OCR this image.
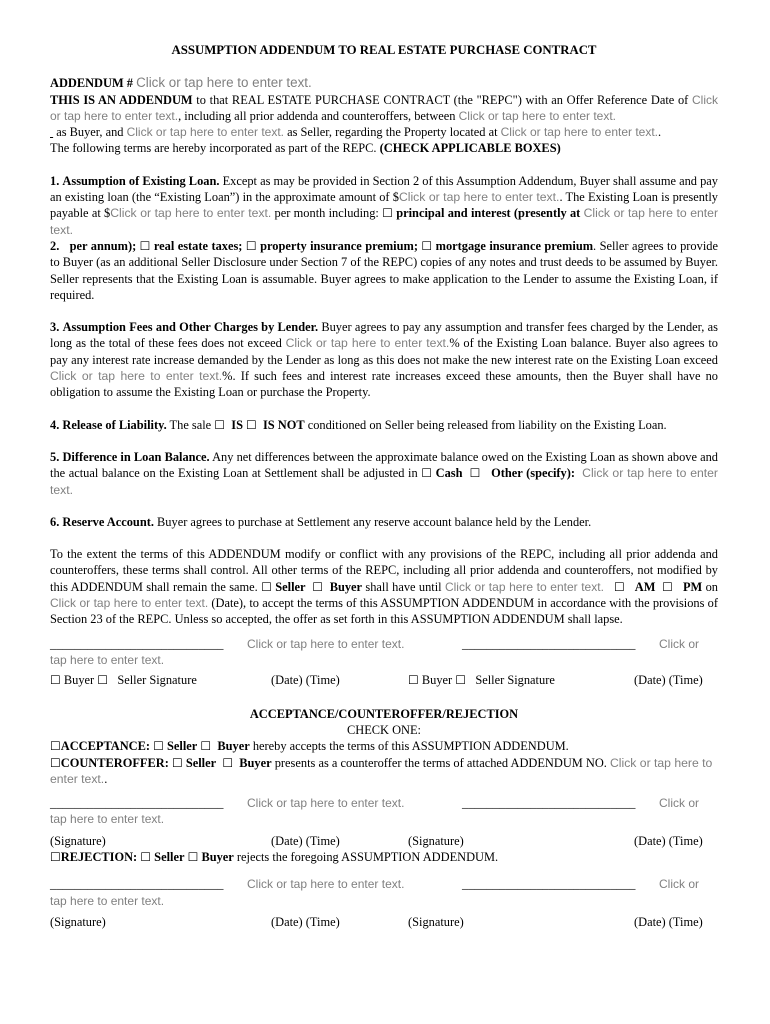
ASSUMPTION ADDENDUM TO REAL ESTATE PURCHASE CONTRACT
ADDENDUM # Click or tap here to enter text.
THIS IS AN ADDENDUM to that REAL ESTATE PURCHASE CONTRACT (the "REPC") with an Offer Reference Date of Click or tap here to enter text., including all prior addenda and counteroffers, between Click or tap here to enter text.
as Buyer, and Click or tap here to enter text. as Seller, regarding the Property located at Click or tap here to enter text..
The following terms are hereby incorporated as part of the REPC. (CHECK APPLICABLE BOXES)
1. Assumption of Existing Loan. Except as may be provided in Section 2 of this Assumption Addendum, Buyer shall assume and pay an existing loan (the “Existing Loan”) in the approximate amount of $Click or tap here to enter text.. The Existing Loan is presently payable at $Click or tap here to enter text. per month including: ☐ principal and interest (presently at Click or tap here to enter text.
2. per annum); ☐ real estate taxes; ☐ property insurance premium; ☐ mortgage insurance premium. Seller agrees to provide to Buyer (as an additional Seller Disclosure under Section 7 of the REPC) copies of any notes and trust deeds to be assumed by Buyer. Seller represents that the Existing Loan is assumable. Buyer agrees to make application to the Lender to assume the Existing Loan, if required.
3. Assumption Fees and Other Charges by Lender. Buyer agrees to pay any assumption and transfer fees charged by the Lender, as long as the total of these fees does not exceed Click or tap here to enter text.% of the Existing Loan balance. Buyer also agrees to pay any interest rate increase demanded by the Lender as long as this does not make the new interest rate on the Existing Loan exceed Click or tap here to enter text.%. If such fees and interest rate increases exceed these amounts, then the Buyer shall have no obligation to assume the Existing Loan or purchase the Property.
4. Release of Liability. The sale ☐ IS ☐ IS NOT conditioned on Seller being released from liability on the Existing Loan.
5. Difference in Loan Balance. Any net differences between the approximate balance owed on the Existing Loan as shown above and the actual balance on the Existing Loan at Settlement shall be adjusted in ☐ Cash ☐ Other (specify): Click or tap here to enter text.
6. Reserve Account. Buyer agrees to purchase at Settlement any reserve account balance held by the Lender.
To the extent the terms of this ADDENDUM modify or conflict with any provisions of the REPC, including all prior addenda and counteroffers, these terms shall control. All other terms of the REPC, including all prior addenda and counteroffers, not modified by this ADDENDUM shall remain the same. ☐ Seller ☐ Buyer shall have until Click or tap here to enter text. ☐ AM ☐ PM on Click or tap here to enter text. (Date), to accept the terms of this ASSUMPTION ADDENDUM in accordance with the provisions of Section 23 of the REPC. Unless so accepted, the offer as set forth in this ASSUMPTION ADDENDUM shall lapse.
____________________________ Click or tap here to enter text.	____________________________	Click or tap here to enter text.
☐ Buyer ☐ Seller Signature	(Date) (Time)	☐ Buyer ☐ Seller Signature	(Date) (Time)
ACCEPTANCE/COUNTEROFFER/REJECTION
CHECK ONE:
☐ACCEPTANCE: ☐ Seller ☐ Buyer hereby accepts the terms of this ASSUMPTION ADDENDUM.
☐COUNTEROFFER: ☐ Seller ☐ Buyer presents as a counteroffer the terms of attached ADDENDUM NO. Click or tap here to enter text..
____________________________ Click or tap here to enter text.	____________________________	Click or tap here to enter text.
(Signature)	(Date) (Time)	(Signature)	(Date) (Time)
☐REJECTION: ☐ Seller ☐ Buyer rejects the foregoing ASSUMPTION ADDENDUM.
____________________________ Click or tap here to enter text.	____________________________	Click or tap here to enter text.
(Signature)	(Date) (Time)	(Signature)	(Date) (Time)
